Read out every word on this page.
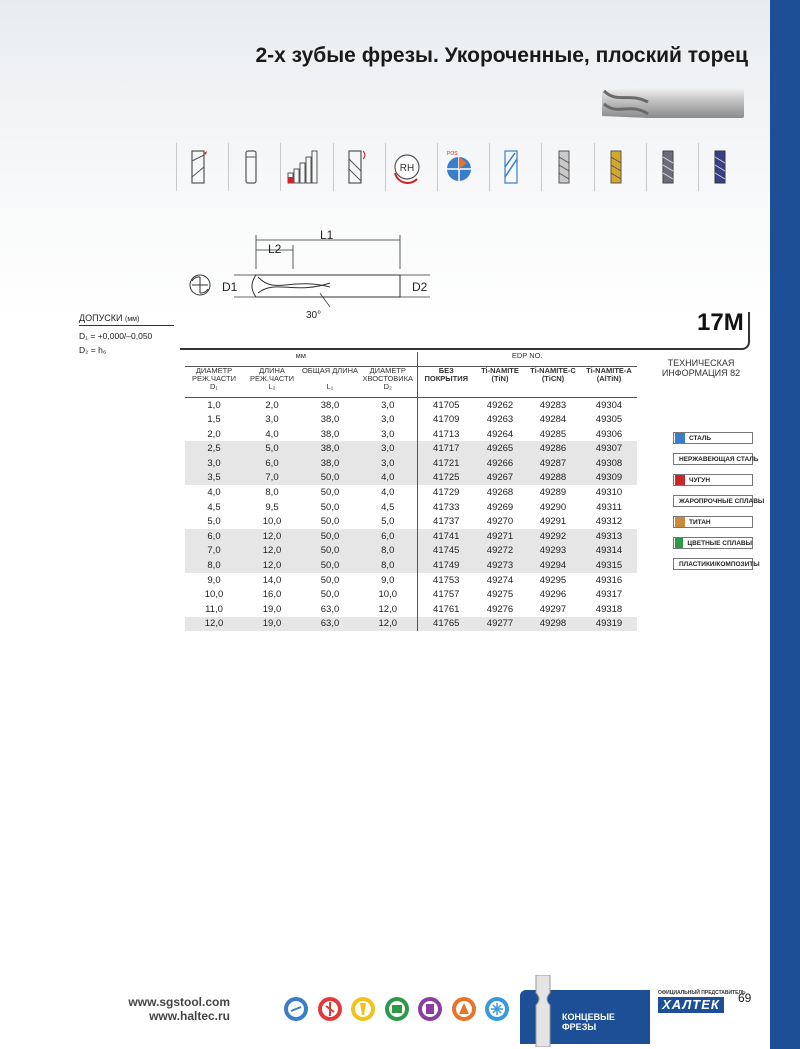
2-х зубые фрезы. Укороченные, плоский торец
RH
POS
L1
L2
D1	D2
30°
ДОПУСКИ (мм)
D₁ = +0,000/–0,050
D₂ = h₆
17M
ТЕХНИЧЕСКАЯ ИНФОРМАЦИЯ 82
мм				EDP NO.			
ДИАМЕТР РЕЖ.ЧАСТИ	ДЛИНА РЕЖ.ЧАСТИ	ОБЩАЯ ДЛИНА	ДИАМЕТР ХВОСТОВИКА	БЕЗ ПОКРЫТИЯ	Ti-NAMITE (TiN)	Ti-NAMITE-C (TiCN)	Ti-NAMITE-A (AlTiN)
D₁	L₂	L₁	D₂				
1,0	2,0	38,0	3,0	41705	49262	49283	49304
1,5	3,0	38,0	3,0	41709	49263	49284	49305
2,0	4,0	38,0	3,0	41713	49264	49285	49306
2,5	5,0	38,0	3,0	41717	49265	49286	49307
3,0	6,0	38,0	3,0	41721	49266	49287	49308
3,5	7,0	50,0	4,0	41725	49267	49288	49309
4,0	8,0	50,0	4,0	41729	49268	49289	49310
4,5	9,5	50,0	4,5	41733	49269	49290	49311
5,0	10,0	50,0	5,0	41737	49270	49291	49312
6,0	12,0	50,0	6,0	41741	49271	49292	49313
7,0	12,0	50,0	8,0	41745	49272	49293	49314
8,0	12,0	50,0	8,0	41749	49273	49294	49315
9,0	14,0	50,0	9,0	41753	49274	49295	49316
10,0	16,0	50,0	10,0	41757	49275	49296	49317
11,0	19,0	63,0	12,0	41761	49276	49297	49318
12,0	19,0	63,0	12,0	41765	49277	49298	49319
СТАЛЬ
НЕРЖАВЕЮЩАЯ СТАЛЬ
ЧУГУН
ЖАРОПРОЧНЫЕ СПЛАВЫ
ТИТАН
ЦВЕТНЫЕ СПЛАВЫ
ПЛАСТИКИ/КОМПОЗИТЫ
www.sgstool.com
www.haltec.ru	КОНЦЕВЫЕ ФРЕЗЫ
ОФИЦИАЛЬНЫЙ ПРЕДСТАВИТЕЛЬ
ХАЛТЕК	69
